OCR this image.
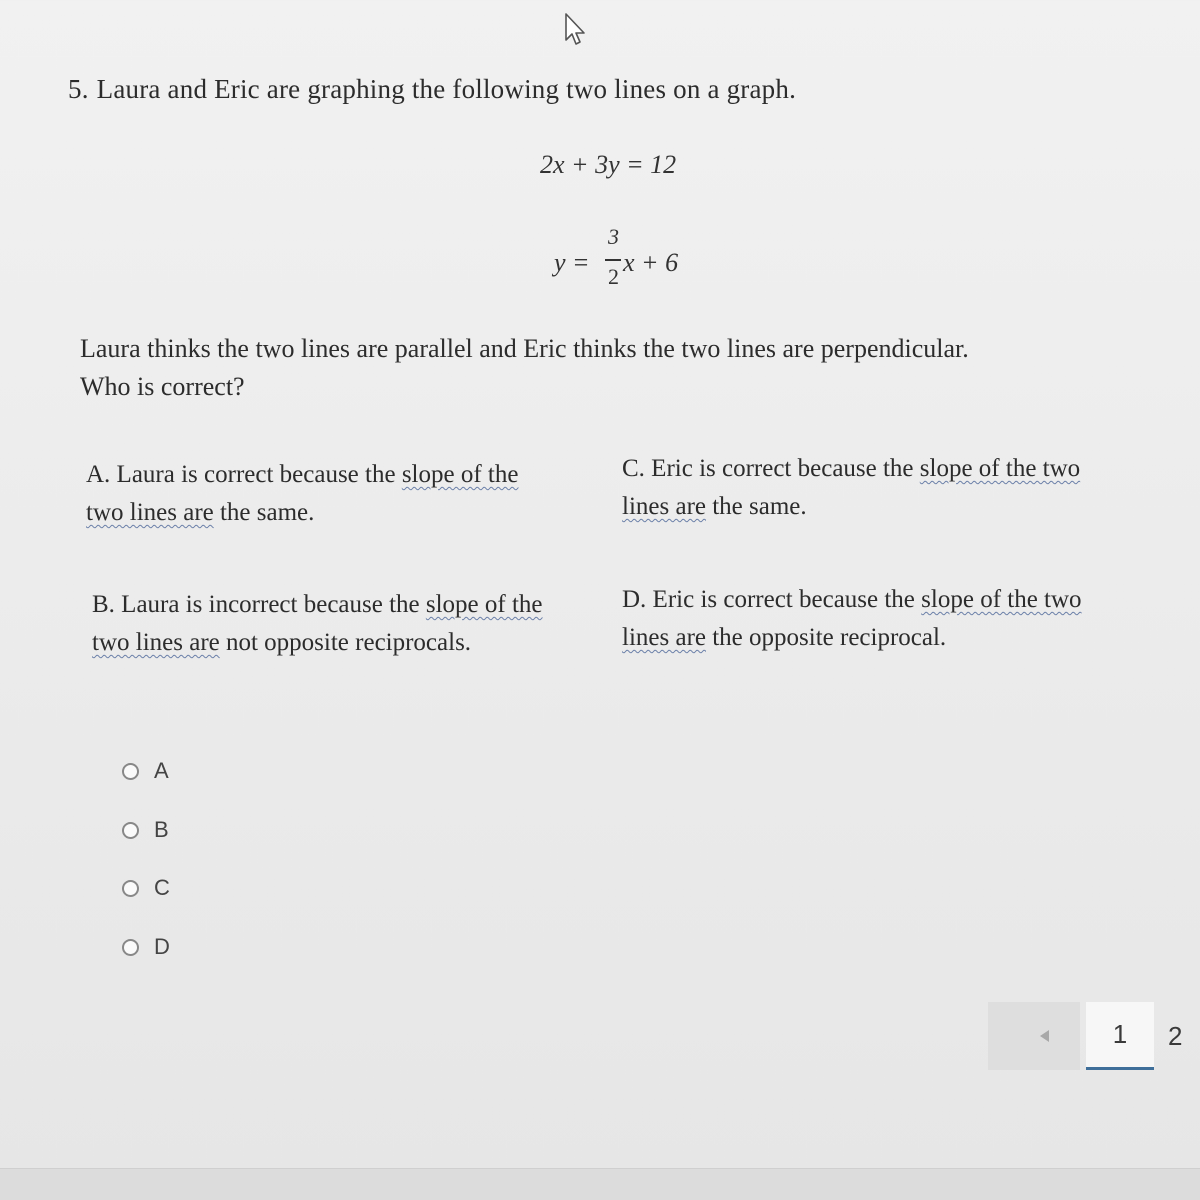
5. Laura and Eric are graphing the following two lines on a graph.
2x + 3y = 12
y =
3
2 x + 6
Laura thinks the two lines are parallel and Eric thinks the two lines are perpendicular.
Who is correct?
A. Laura is correct because the slope of the
two lines are the same.
C. Eric is correct because the slope of the two
lines are the same.
B. Laura is incorrect because the slope of the
two lines are not opposite reciprocals.
D. Eric is correct because the slope of the two
lines are the opposite reciprocal.
A
B
C
D
1	2
